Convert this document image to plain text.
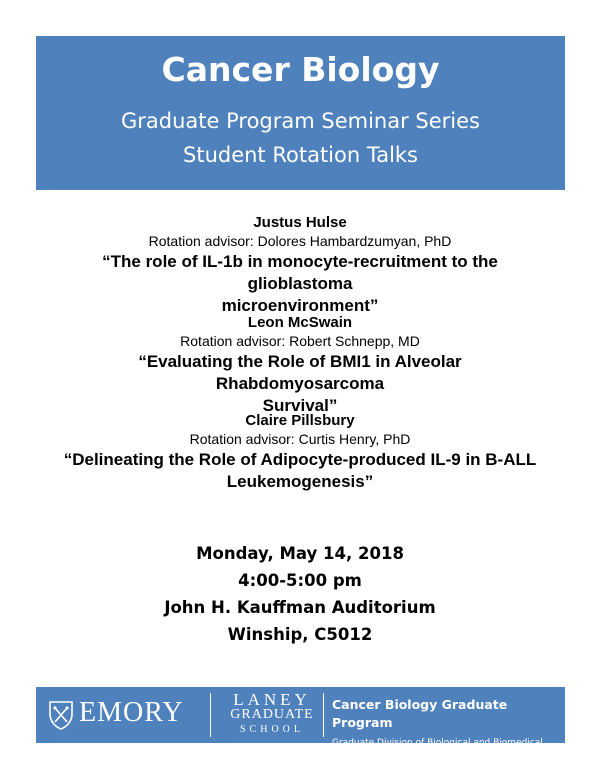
Cancer Biology
Graduate Program Seminar Series
Student Rotation Talks
Justus Hulse
Rotation advisor: Dolores Hambardzumyan, PhD
“The role of IL-1b in monocyte-recruitment to the glioblastoma
microenvironment”
Leon McSwain
Rotation advisor: Robert Schnepp, MD
“Evaluating the Role of BMI1 in Alveolar Rhabdomyosarcoma
Survival”
Claire Pillsbury
Rotation advisor: Curtis Henry, PhD
“Delineating the Role of Adipocyte-produced IL-9 in B-ALL
Leukemogenesis”
Monday, May 14, 2018
4:00-5:00 pm
John H. Kauffman Auditorium
Winship, C5012
EMORY	LANEY
GRADUATE
SCHOOL
Cancer Biology Graduate Program
Graduate Division of Biological and Biomedical Sciences
